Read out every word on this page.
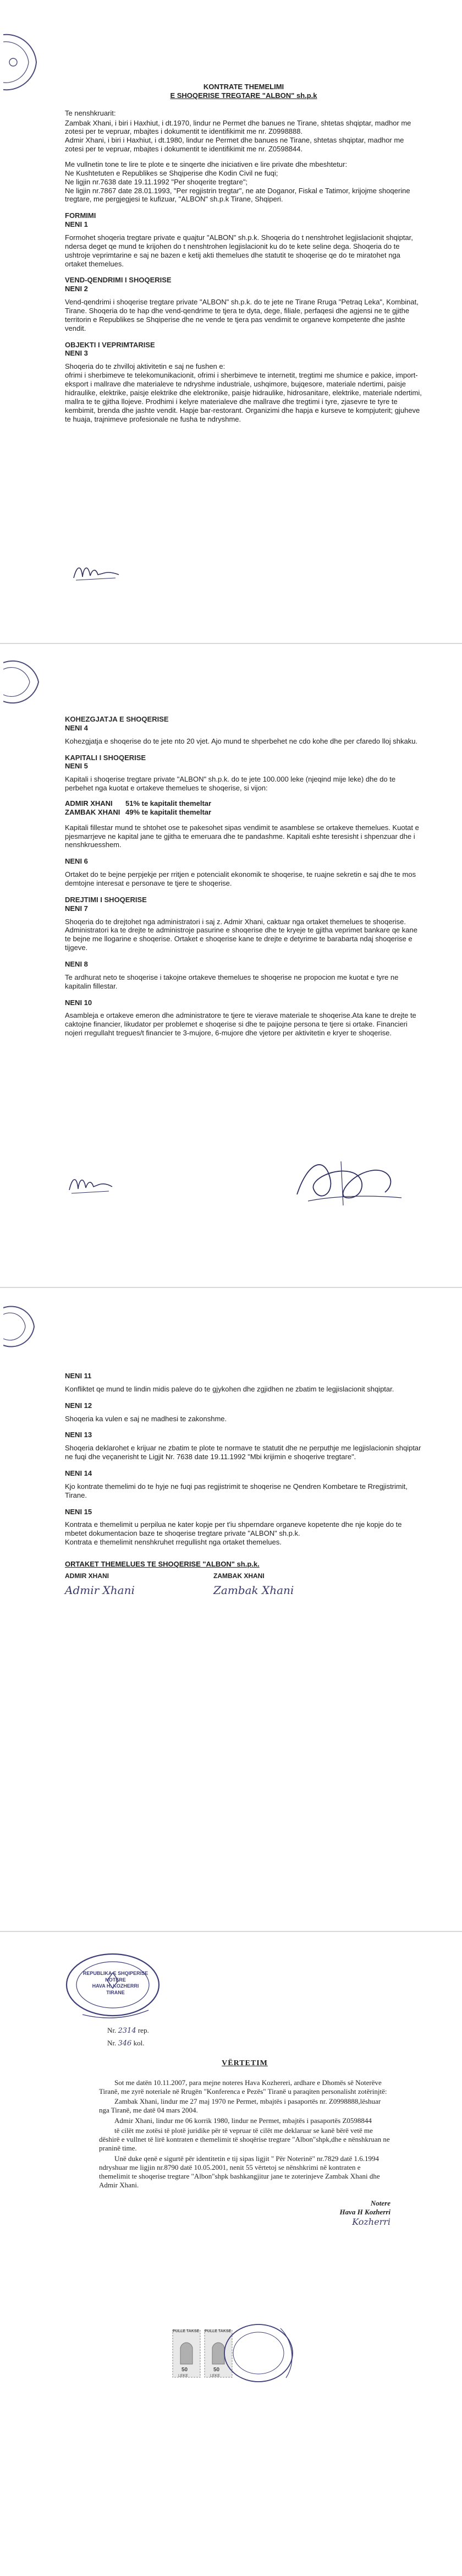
KONTRATE THEMELIMI
E SHOQERISE TREGTARE "ALBON" sh.p.k

Te nenshkruarit:

Zambak Xhani, i biri i Haxhiut, i dt.1970, lindur ne Permet dhe banues ne Tirane, shtetas shqiptar, madhor me zotesi per te vepruar, mbajtes i dokumentit te identifikimit me nr. Z0998888.

Admir Xhani, i biri i Haxhiut, i dt.1980, lindur ne Permet dhe banues ne Tirane, shtetas shqiptar, madhor me zotesi per te vepruar, mbajtes i dokumentit te identifikimit me nr. Z0598844.

Me vullnetin tone te lire te plote e te sinqerte dhe iniciativen e lire private dhe mbeshtetur:

Ne Kushtetuten e Republikes se Shqiperise dhe Kodin Civil ne fuqi;

Ne ligjin nr.7638 date 19.11.1992 "Per shoqerite tregtare";

Ne ligjin nr.7867 date 28.01.1993, "Per regjistrin tregtar", ne ate Doganor, Fiskal e Tatimor, krijojme shoqerine tregtare, me pergjegjesi te kufizuar, "ALBON" sh.p.k Tirane, Shqiperi.

FORMIMI
NENI 1

Formohet shoqeria tregtare private e quajtur "ALBON" sh.p.k. Shoqeria do t nenshtrohet legjislacionit shqiptar, ndersa deget qe mund te krijohen do t nenshtrohen legjislacionit ku do te kete seline dega. Shoqeria do te ushtroje veprimtarine e saj ne bazen e ketij akti themelues dhe statutit te shoqerise qe do te miratohet nga ortaket themelues.

VEND-QENDRIMI I SHOQERISE
NENI 2

Vend-qendrimi i shoqerise tregtare private "ALBON" sh.p.k. do te jete ne Tirane Rruga "Petraq Leka", Kombinat, Tirane. Shoqeria do te hap dhe vend-qendrime te tjera te dyta, dege, filiale, perfaqesi dhe agjensi ne te gjithe territorin e Republikes se Shqiperise dhe ne vende te tjera pas vendimit te organeve kompetente dhe jashte vendit.

OBJEKTI I VEPRIMTARISE
NENI 3

Shoqeria do te zhvilloj aktivitetin e saj ne fushen e:
ofrimi i sherbimeve te telekomunikacionit, ofrimi i sherbimeve te internetit, tregtimi me shumice e pakice, import-eksport i mallrave dhe materialeve te ndryshme industriale, ushqimore, bujqesore, materiale ndertimi, paisje hidraulike, elektrike, paisje elektrike dhe elektronike, paisje hidraulike, hidrosanitare, elektrike, materiale ndertimi, mallra te te gjitha llojeve. Prodhimi i kelyre materialeve dhe mallrave dhe tregtimi i tyre, zjasevre te tyre te kembimit, brenda dhe jashte vendit. Hapje bar-restorant. Organizimi dhe hapja e kurseve te kompjuterit; gjuheve te huaja, trajnimeve profesionale ne fusha te ndryshme.

KOHEZGJATJA E SHOQERISE
NENI 4

Kohezgjatja e shoqerise do te jete nto 20 vjet. Ajo mund te shperbehet ne cdo kohe dhe per cfaredo lloj shkaku.

KAPITALI I SHOQERISE
NENI 5

Kapitali i shoqerise tregtare private "ALBON" sh.p.k. do te jete 100.000 leke (njeqind mije leke) dhe do te perbehet nga kuotat e ortakeve themelues te shoqerise, si vijon:

ADMIR XHANI	51% te kapitalit themeltar
ZAMBAK XHANI 49% te kapitalit themeltar

Kapitali fillestar mund te shtohet ose te pakesohet sipas vendimit te asamblese se ortakeve themelues. Kuotat e pjesmarrjeve ne kapital jane te gjitha te emeruara dhe te pandashme. Kapitali eshte teresisht i shpenzuar dhe i nenshkruesshem.

NENI 6

Ortaket do te bejne perpjekje per rritjen e potencialit ekonomik te shoqerise, te ruajne sekretin e saj dhe te mos demtojne interesat e personave te tjere te shoqerise.

DREJTIMI I SHOQERISE
NENI 7

Shoqeria do te drejtohet nga administratori i saj z. Admir Xhani, caktuar nga ortaket themelues te shoqerise. Administratori ka te drejte te administroje pasurine e shoqerise dhe te kryeje te gjitha veprimet bankare qe kane te bejne me llogarine e shoqerise. Ortaket e shoqerise kane te drejte e detyrime te barabarta ndaj shoqerise e tijgeve.

NENI 8

Te ardhurat neto te shoqerise i takojne ortakeve themelues te shoqerise ne propocion me kuotat e tyre ne kapitalin fillestar.

NENI 10

Asambleja e ortakeve emeron dhe administratore te tjere te vierave materiale te shoqerise.Ata kane te drejte te caktojne financier, likudator per problemet e shoqerise si dhe te paijojne persona te tjere si ortake. Financieri nojeri rregullaht tregues/t financier te 3-mujore, 6-mujore dhe vjetore per aktivitetin e kryer te shoqerise.

NENI 11

Konfliktet qe mund te lindin midis paleve do te gjykohen dhe zgjidhen ne zbatim te legjislacionit shqiptar.

NENI 12

Shoqeria ka vulen e saj ne madhesi te zakonshme.

NENI 13

Shoqeria deklarohet e krijuar ne zbatim te plote te normave te statutit dhe ne perputhje me legjislacionin shqiptar ne fuqi dhe veçanerisht te Ligjit Nr. 7638 date 19.11.1992 "Mbi krijimin e shoqerive tregtare".

NENI 14

Kjo kontrate themelimi do te hyje ne fuqi pas regjistrimit te shoqerise ne Qendren Kombetare te Rregjistrimit, Tirane.

NENI 15

Kontrata e themelimit u perpilua ne kater kopje per t'iu shperndare organeve kopetente dhe nje kopje do te mbetet dokumentacion baze te shoqerise tregtare private "ALBON" sh.p.k.

Kontrata e themelimit nenshkruhet rregullisht nga ortaket themelues.

ORTAKET THEMELUES TE SHOQERISE "ALBON" sh.p.k.
ADMIR XHANI
Admir Xhani
ZAMBAK XHANI
Zambak Xhani
REPUBLIKA E SHQIPERISE
NOTERE
HAVA H. KOZHERRI
TIRANE
Nr. 2314 rep.
Nr. 346 kol.
VËRTETIM

Sot me datën 10.11.2007, para mejne noteres Hava Kozhereri, ardhare e Dhomës së Noterëve Tiranë, me zyrë noteriale në Rrugën "Konferenca e Pezës" Tiranë u paraqiten personalisht zotërinjtë:

Zambak Xhani, lindur me 27 maj 1970 ne Permet, mbajtës i pasaportës nr. Z0998888,lëshuar nga Tiranë, me datë 04 mars 2004.

Admir Xhani, lindur me 06 korrik 1980, lindur ne Permet, mbajtës i pasaportës Z0598844

të cilët me zotësi të plotë juridike për të vepruar të cilët me deklaruar se kanë bërë vetë me dëshirë e vullnet të lirë kontraten e themelimit të shoqërise tregtare "Albon"shpk,dhe e nënshkruan ne praninë time.

Unë duke qenë e sigurtë për identitetin e tij sipas ligjit " Për Noterinë" nr.7829 datë 1.6.1994 ndryshuar me ligjin nr.8790 datë 10.05.2001, nenit 55 vërtetoj se nënshkrimi në kontraten e themelimit te shoqerise tregtare "Albon"shpk bashkangjitur jane te zoterinjeve Zambak Xhani dhe Admir Xhani.

Notere
Hava H Kozherri
Kozherri
PULLE TAKSE PULLE TAKSE
50	50
LEKE	LEKE
